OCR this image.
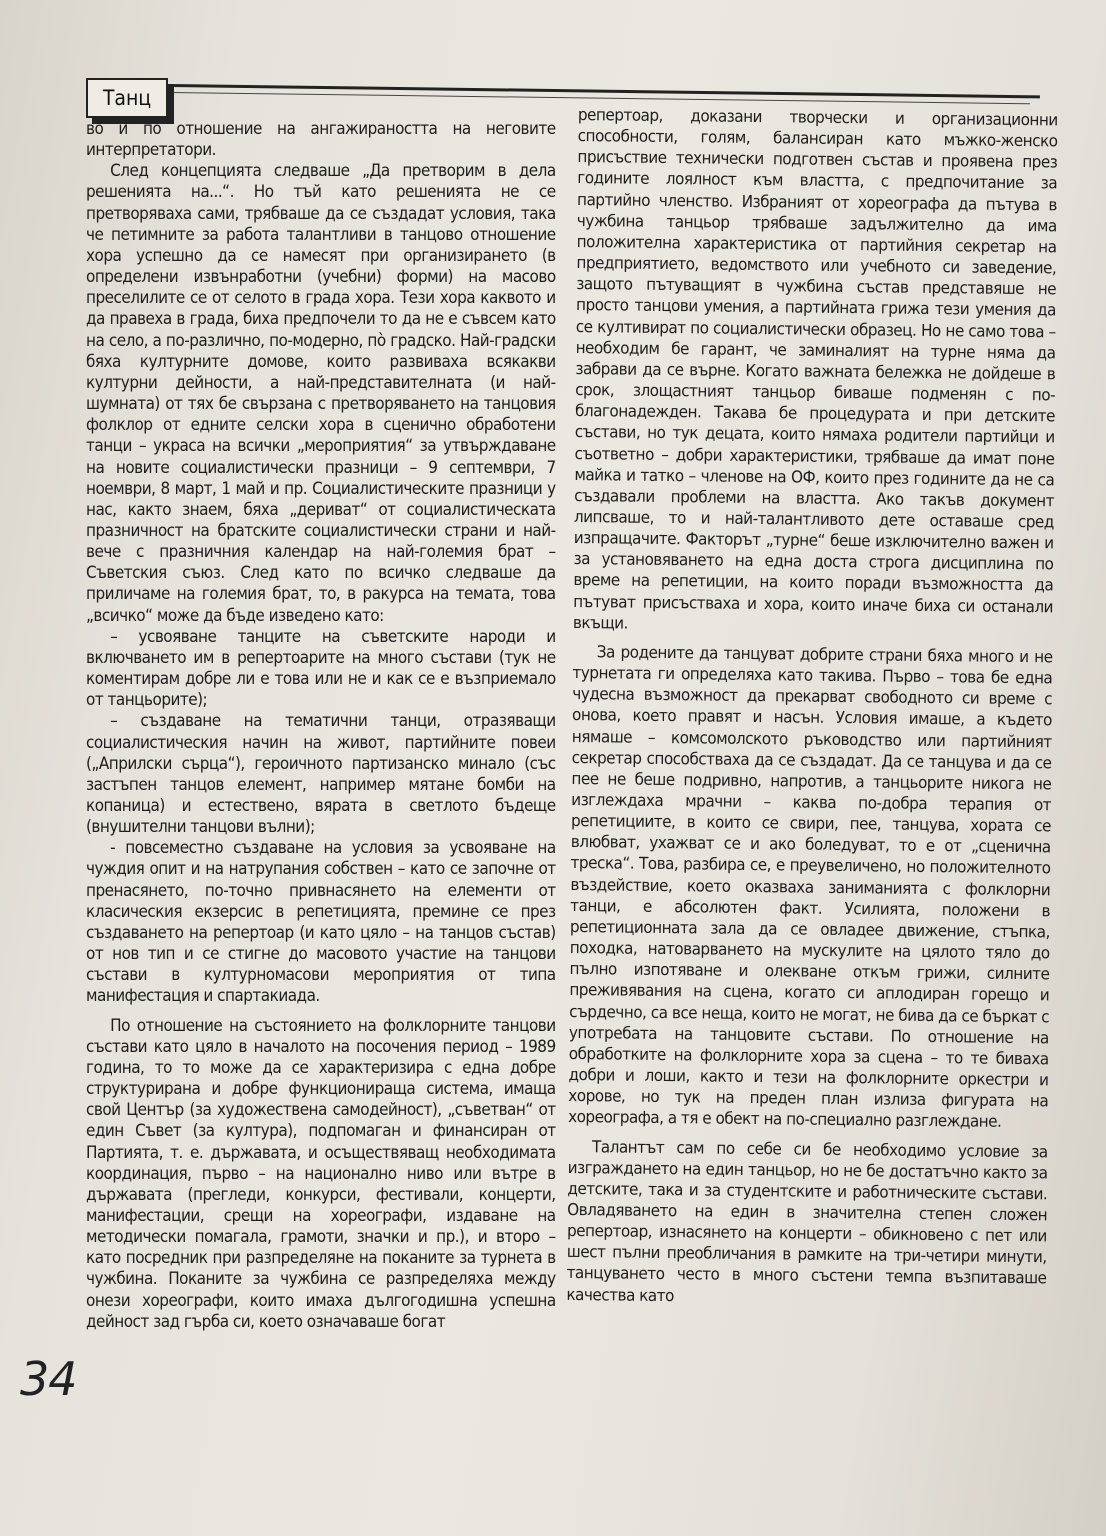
Танц

во и по отношение на ангажираността на неговите интерпретатори.

След концепцията следваше „Да претворим в дела решенията на...“. Но тъй като решенията не се претворяваха сами, трябваше да се създадат условия, така че петимните за работа талантливи в танцово отношение хора успешно да се намесят при организирането (в определени извънработни (учебни) форми) на масово преселилите се от селото в града хора. Тези хора каквото и да правеха в града, биха предпочели то да не е съвсем като на село, а по-различно, по-модерно, пò градско. Най-градски бяха културните домове, които развиваха всякакви културни дейности, а най-представителната (и най-шумната) от тях бе свързана с претворяването на танцовия фолклор от едните селски хора в сценично обработени танци – украса на всички „мероприятия“ за утвърждаване на новите социалистически празници – 9 септември, 7 ноември, 8 март, 1 май и пр. Социалистическите празници у нас, както знаем, бяха „дериват“ от социалистическата празничност на братските социалистически страни и най-вече с празничния календар на най-големия брат – Съветския съюз. След като по всичко следваше да приличаме на големия брат, то, в ракурса на темата, това „всичко“ може да бъде изведено като:

– усвояване танците на съветските народи и включването им в репертоарите на много състави (тук не коментирам добре ли е това или не и как се е възприемало от танцьорите);

– създаване на тематични танци, отразяващи социалистическия начин на живот, партийните повеи („Априлски сърца“), героичното партизанско минало (със застъпен танцов елемент, например мятане бомби на копаница) и естествено, вярата в светлото бъдеще (внушителни танцови вълни);

- повсеместно създаване на условия за усвояване на чуждия опит и на натрупания собствен – като се започне от пренасянето, по-точно привнасянето на елементи от класическия екзерсис в репетицията, премине се през създаването на репертоар (и като цяло – на танцов състав) от нов тип и се стигне до масовото участие на танцови състави в културномасови мероприятия от типа манифестация и спартакиада.

По отношение на състоянието на фолклорните танцови състави като цяло в началото на посочения период – 1989 година, то то може да се характеризира с една добре структурирана и добре функционираща система, имаща свой Център (за художествена самодейност), „съветван“ от един Съвет (за култура), подпомаган и финансиран от Партията, т. е. държавата, и осъществяващ необходимата координация, първо – на национално ниво или вътре в държавата (прегледи, конкурси, фестивали, концерти, манифестации, срещи на хореографи, издаване на методически помагала, грамоти, значки и пр.), и второ – като посредник при разпределяне на поканите за турнета в чужбина. Поканите за чужбина се разпределяха между онези хореографи, които имаха дългогодишна успешна дейност зад гърба си, което означаваше богат

репертоар, доказани творчески и организационни способности, голям, балансиран като мъжко-женско присъствие технически подготвен състав и проявена през годините лоялност към властта, с предпочитание за партийно членство. Избраният от хореографа да пътува в чужбина танцьор трябваше задължително да има положителна характеристика от партийния секретар на предприятието, ведомството или учебното си заведение, защото пътуващият в чужбина състав представяше не просто танцови умения, а партийната грижа тези умения да се култивират по социалистически образец. Но не само това – необходим бе гарант, че заминалият на турне няма да забрави да се върне. Когато важната бележка не дойдеше в срок, злощастният танцьор биваше подменян с по-благонадежден. Такава бе процедурата и при детските състави, но тук децата, които нямаха родители партийци и съответно – добри характеристики, трябваше да имат поне майка и татко – членове на ОФ, които през годините да не са създавали проблеми на властта. Ако такъв документ липсваше, то и най-талантливото дете оставаше сред изпращачите. Факторът „турне“ беше изключително важен и за установяването на една доста строга дисциплина по време на репетиции, на които поради възможността да пътуват присъстваха и хора, които иначе биха си останали вкъщи.

За родените да танцуват добрите страни бяха много и не турнетата ги определяха като такива. Първо – това бе една чудесна възможност да прекарват свободното си време с онова, което правят и насън. Условия имаше, а където нямаше – комсомолското ръководство или партийният секретар способстваха да се създадат. Да се танцува и да се пее не беше подривно, напротив, а танцьорите никога не изглеждаха мрачни – каква по-добра терапия от репетициите, в които се свири, пее, танцува, хората се влюбват, ухажват се и ако боледуват, то е от „сценична треска“. Това, разбира се, е преувеличено, но положителното въздействие, което оказваха заниманията с фолклорни танци, е абсолютен факт. Усилията, положени в репетиционната зала да се овладее движение, стъпка, походка, натоварването на мускулите на цялото тяло до пълно изпотяване и олекване откъм грижи, силните преживявания на сцена, когато си аплодиран горещо и сърдечно, са все неща, които не могат, не бива да се бъркат с употребата на танцовите състави. По отношение на обработките на фолклорните хора за сцена – то те биваха добри и лоши, както и тези на фолклорните оркестри и хорове, но тук на преден план излиза фигурата на хореографа, а тя е обект на по-специално разглеждане.

Талантът сам по себе си бе необходимо условие за изграждането на един танцьор, но не бе достатъчно както за детските, така и за студентските и работническите състави. Овладяването на един в значителна степен сложен репертоар, изнасянето на концерти – обикновено с пет или шест пълни преобличания в рамките на три-четири минути, танцуването често в много състени темпа възпитаваше качества като

34
